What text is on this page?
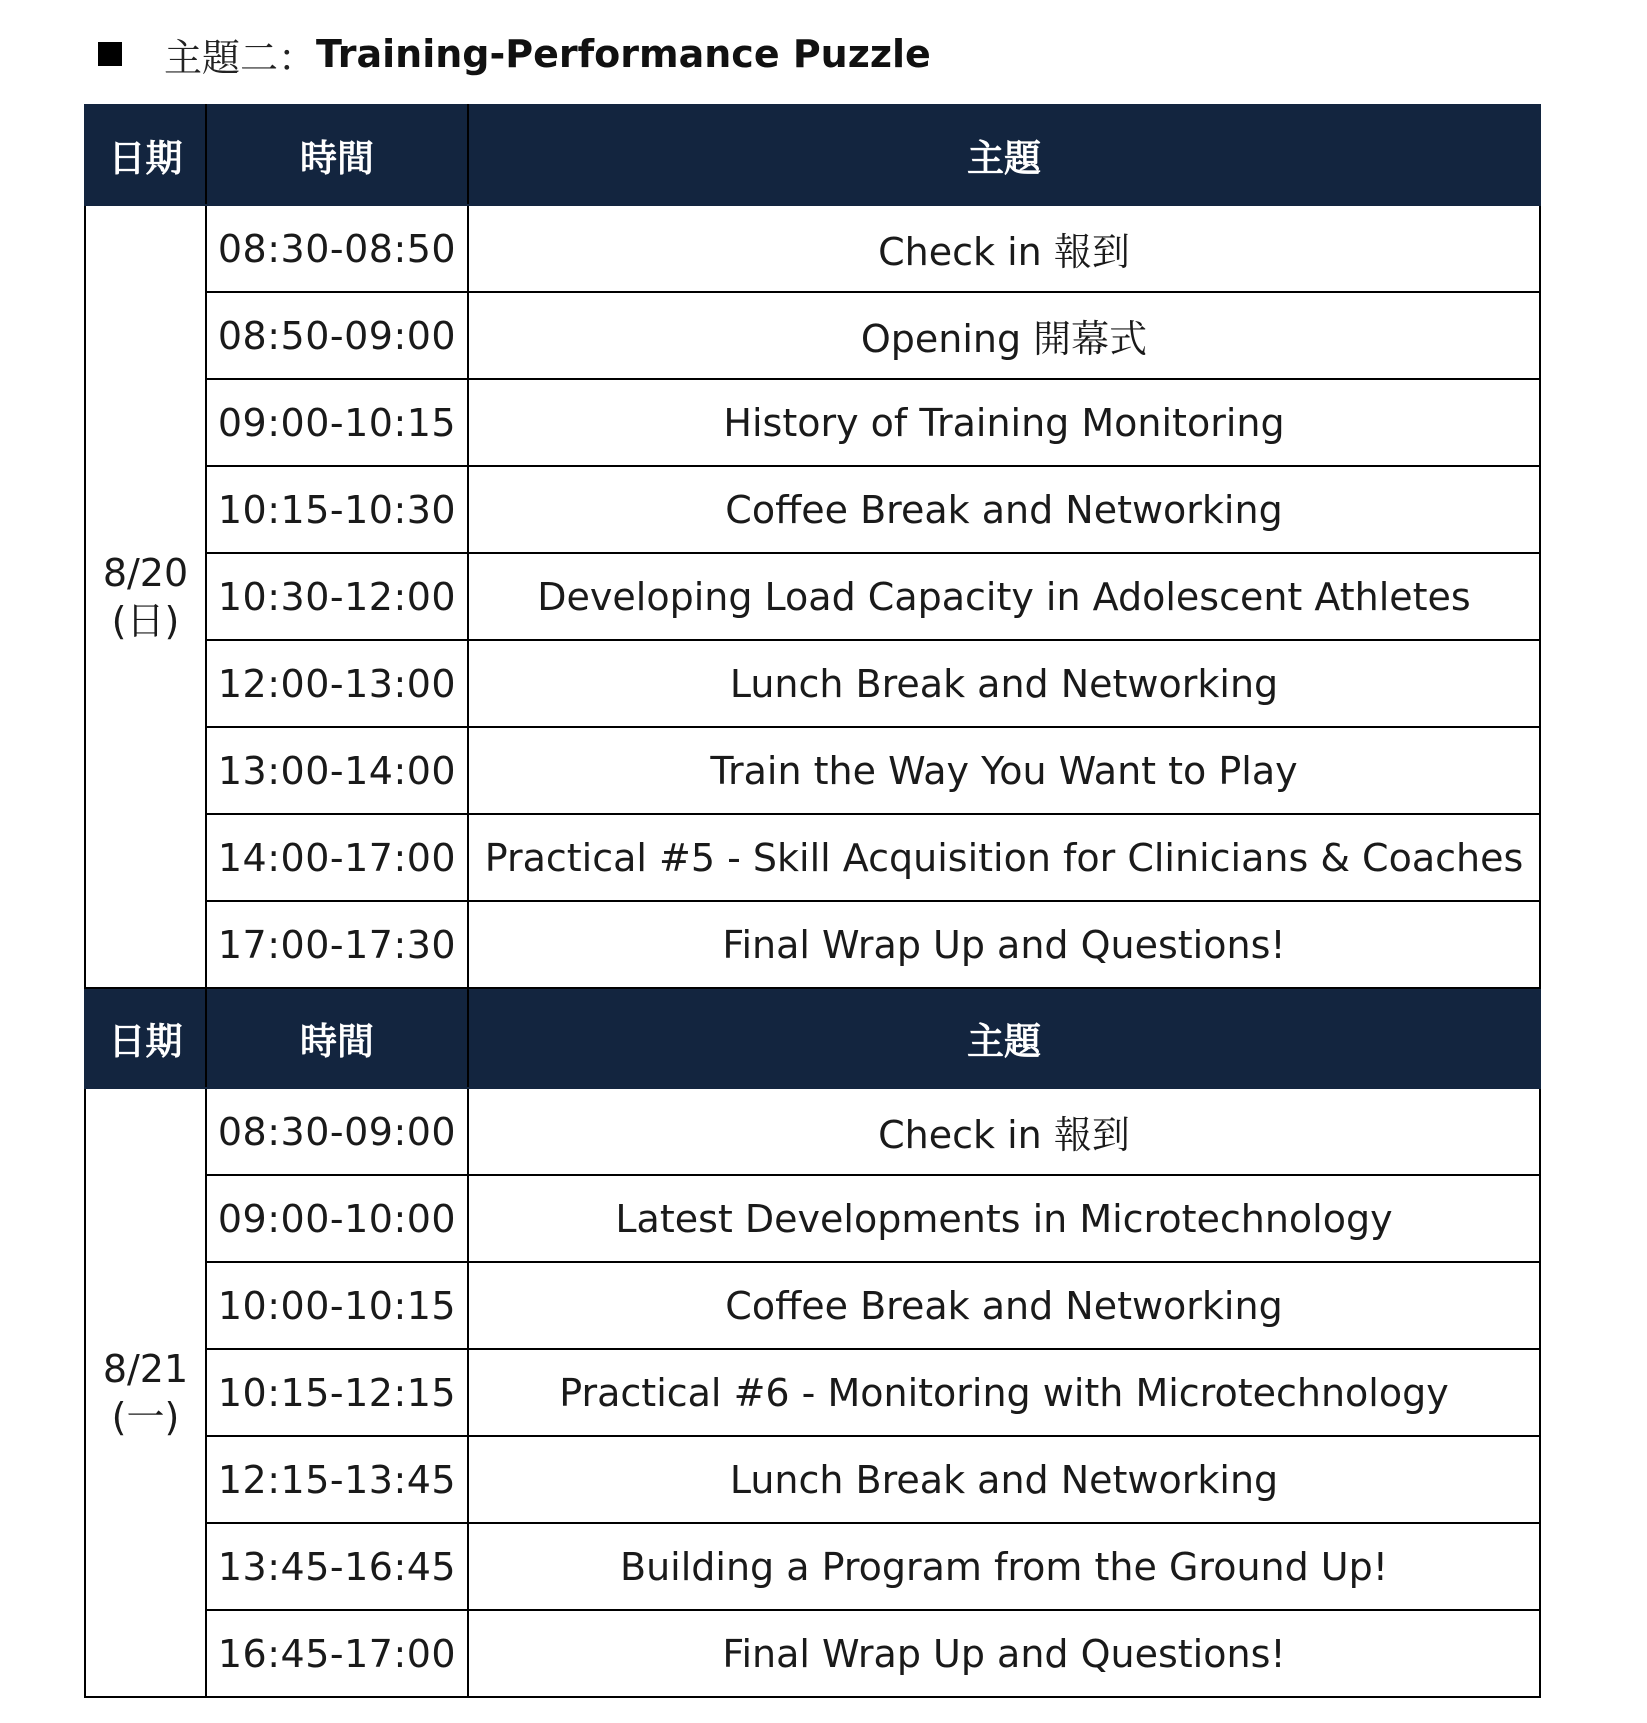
主題二： Training-Performance Puzzle
日期	時間	主題

8/20
(日)	08:30-08:50	Check in 報到
	08:50-09:00	Opening 開幕式
	09:00-10:15	History of Training Monitoring
	10:15-10:30	Coffee Break and Networking
	10:30-12:00	Developing Load Capacity in Adolescent Athletes
	12:00-13:00	Lunch Break and Networking
	13:00-14:00	Train the Way You Want to Play
	14:00-17:00	Practical #5 - Skill Acquisition for Clinicians & Coaches
	17:00-17:30	Final Wrap Up and Questions!
日期	時間	主題

8/21
(一)	08:30-09:00	Check in 報到
	09:00-10:00	Latest Developments in Microtechnology
	10:00-10:15	Coffee Break and Networking
	10:15-12:15	Practical #6 - Monitoring with Microtechnology
	12:15-13:45	Lunch Break and Networking
	13:45-16:45	Building a Program from the Ground Up!
	16:45-17:00	Final Wrap Up and Questions!
